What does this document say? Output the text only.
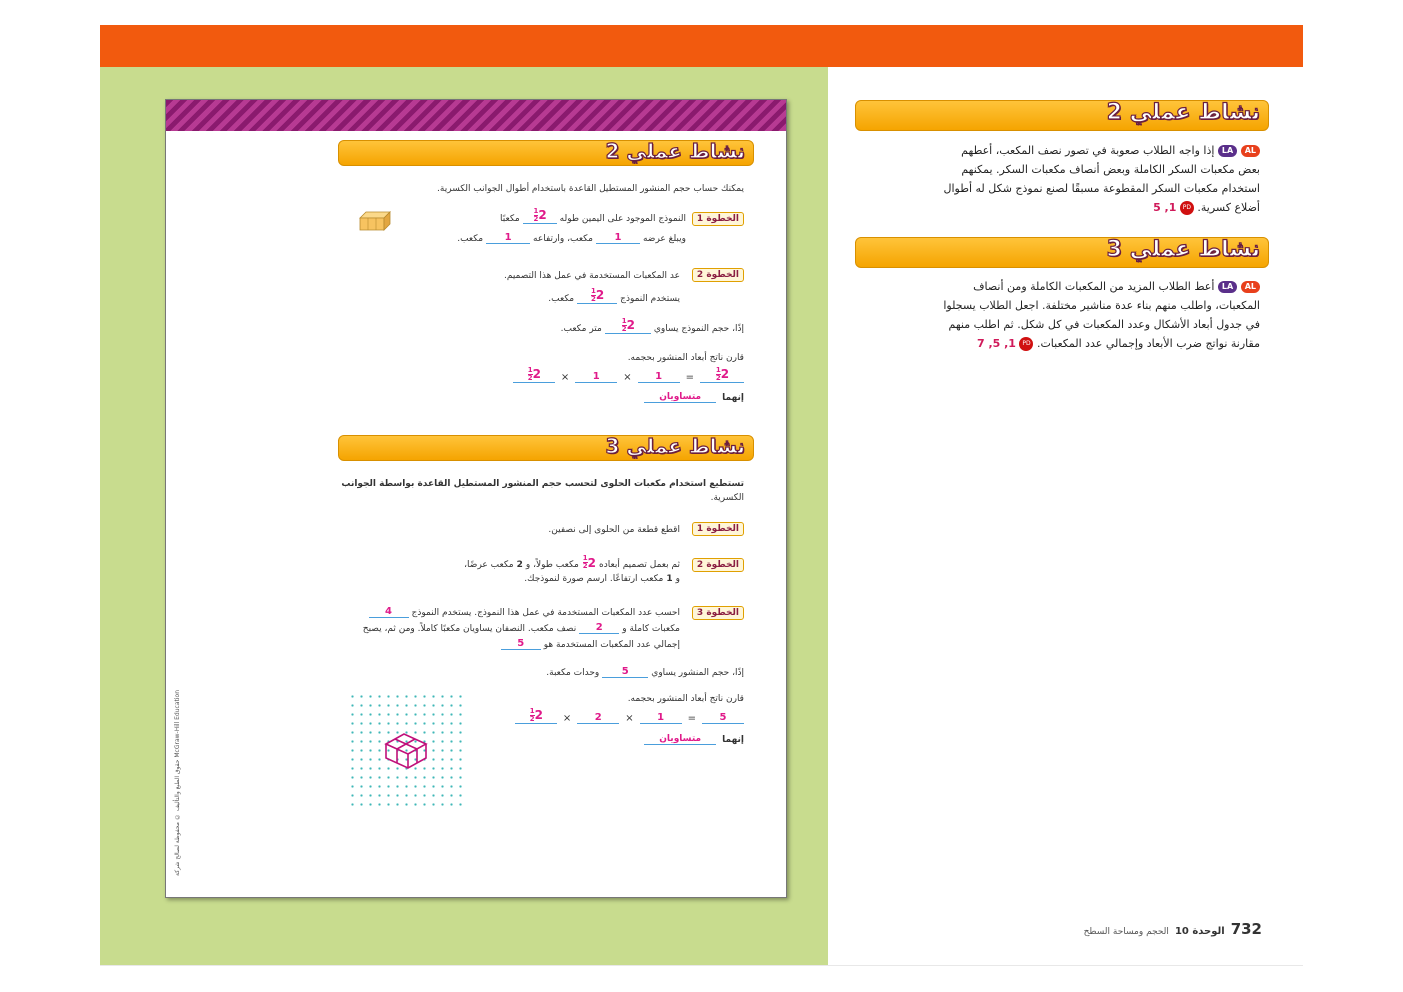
نشاط عملي 2
يمكنك حساب حجم المنشور المستطيل القاعدة باستخدام أطوال الجوانب الكسرية.
الخطوة 1
النموذج الموجود على اليمين طوله
2
1
2
مكعبًا
ويبلغ عرضه
1
مكعب، وارتفاعه
1
مكعب.
الخطوة 2
عد المكعبات المستخدمة في عمل هذا التصميم.
يستخدم النموذج
2
1
2
مكعب.
إذًا، حجم النموذج يساوي
2
1
2
متر مكعب.
قارن ناتج أبعاد المنشور بحجمه.
2
1
2
=
1
×
1
×
2
1
2
إنهما
متساويان
نشاط عملي 3
تستطيع استخدام مكعبات الحلوى لتحسب حجم المنشور المستطيل القاعدة بواسطة الجوانب
الكسرية.
الخطوة 1
اقطع قطعة من الحلوى إلى نصفين.
الخطوة 2
ثم بعمل تصميم أبعاده
2
1
2
مكعب طولاً، و
2
مكعب عرضًا،
و
1
مكعب ارتفاعًا. ارسم صورة لنموذجك.
الخطوة 3
احسب عدد المكعبات المستخدمة في عمل هذا النموذج. يستخدم النموذج
4
مكعبات كاملة و
2
نصف مكعب. النصفان يساويان مكعبًا كاملاً. ومن ثم، يصبح
إجمالي عدد المكعبات المستخدمة هو
5
إذًا، حجم المنشور يساوي
5
وحدات مكعبة.
قارن ناتج أبعاد المنشور بحجمه.
5
=
1
×
2
×
2
1
2
إنهما
متساويان
حقوق الطبع والتأليف © محفوظة لصالح شركة McGraw-Hill Education
نشاط عملي 2
AL LA إذا واجه الطلاب صعوبة في تصور نصف المكعب، أعطهم
بعض مكعبات السكر الكاملة وبعض أنصاف مكعبات السكر. يمكنهم
استخدام مكعبات السكر المقطوعة مسبقًا لصنع نموذج شكل له أطوال
أضلاع كسرية. PD 1, 5
نشاط عملي 3
AL LA أعط الطلاب المزيد من المكعبات الكاملة ومن أنصاف
المكعبات، واطلب منهم بناء عدة مناشير مختلفة. اجعل الطلاب يسجلوا
في جدول أبعاد الأشكال وعدد المكعبات في كل شكل. ثم اطلب منهم
مقارنة نواتج ضرب الأبعاد وإجمالي عدد المكعبات. PD 1, 5, 7
732
الوحدة 10
الحجم ومساحة السطح
